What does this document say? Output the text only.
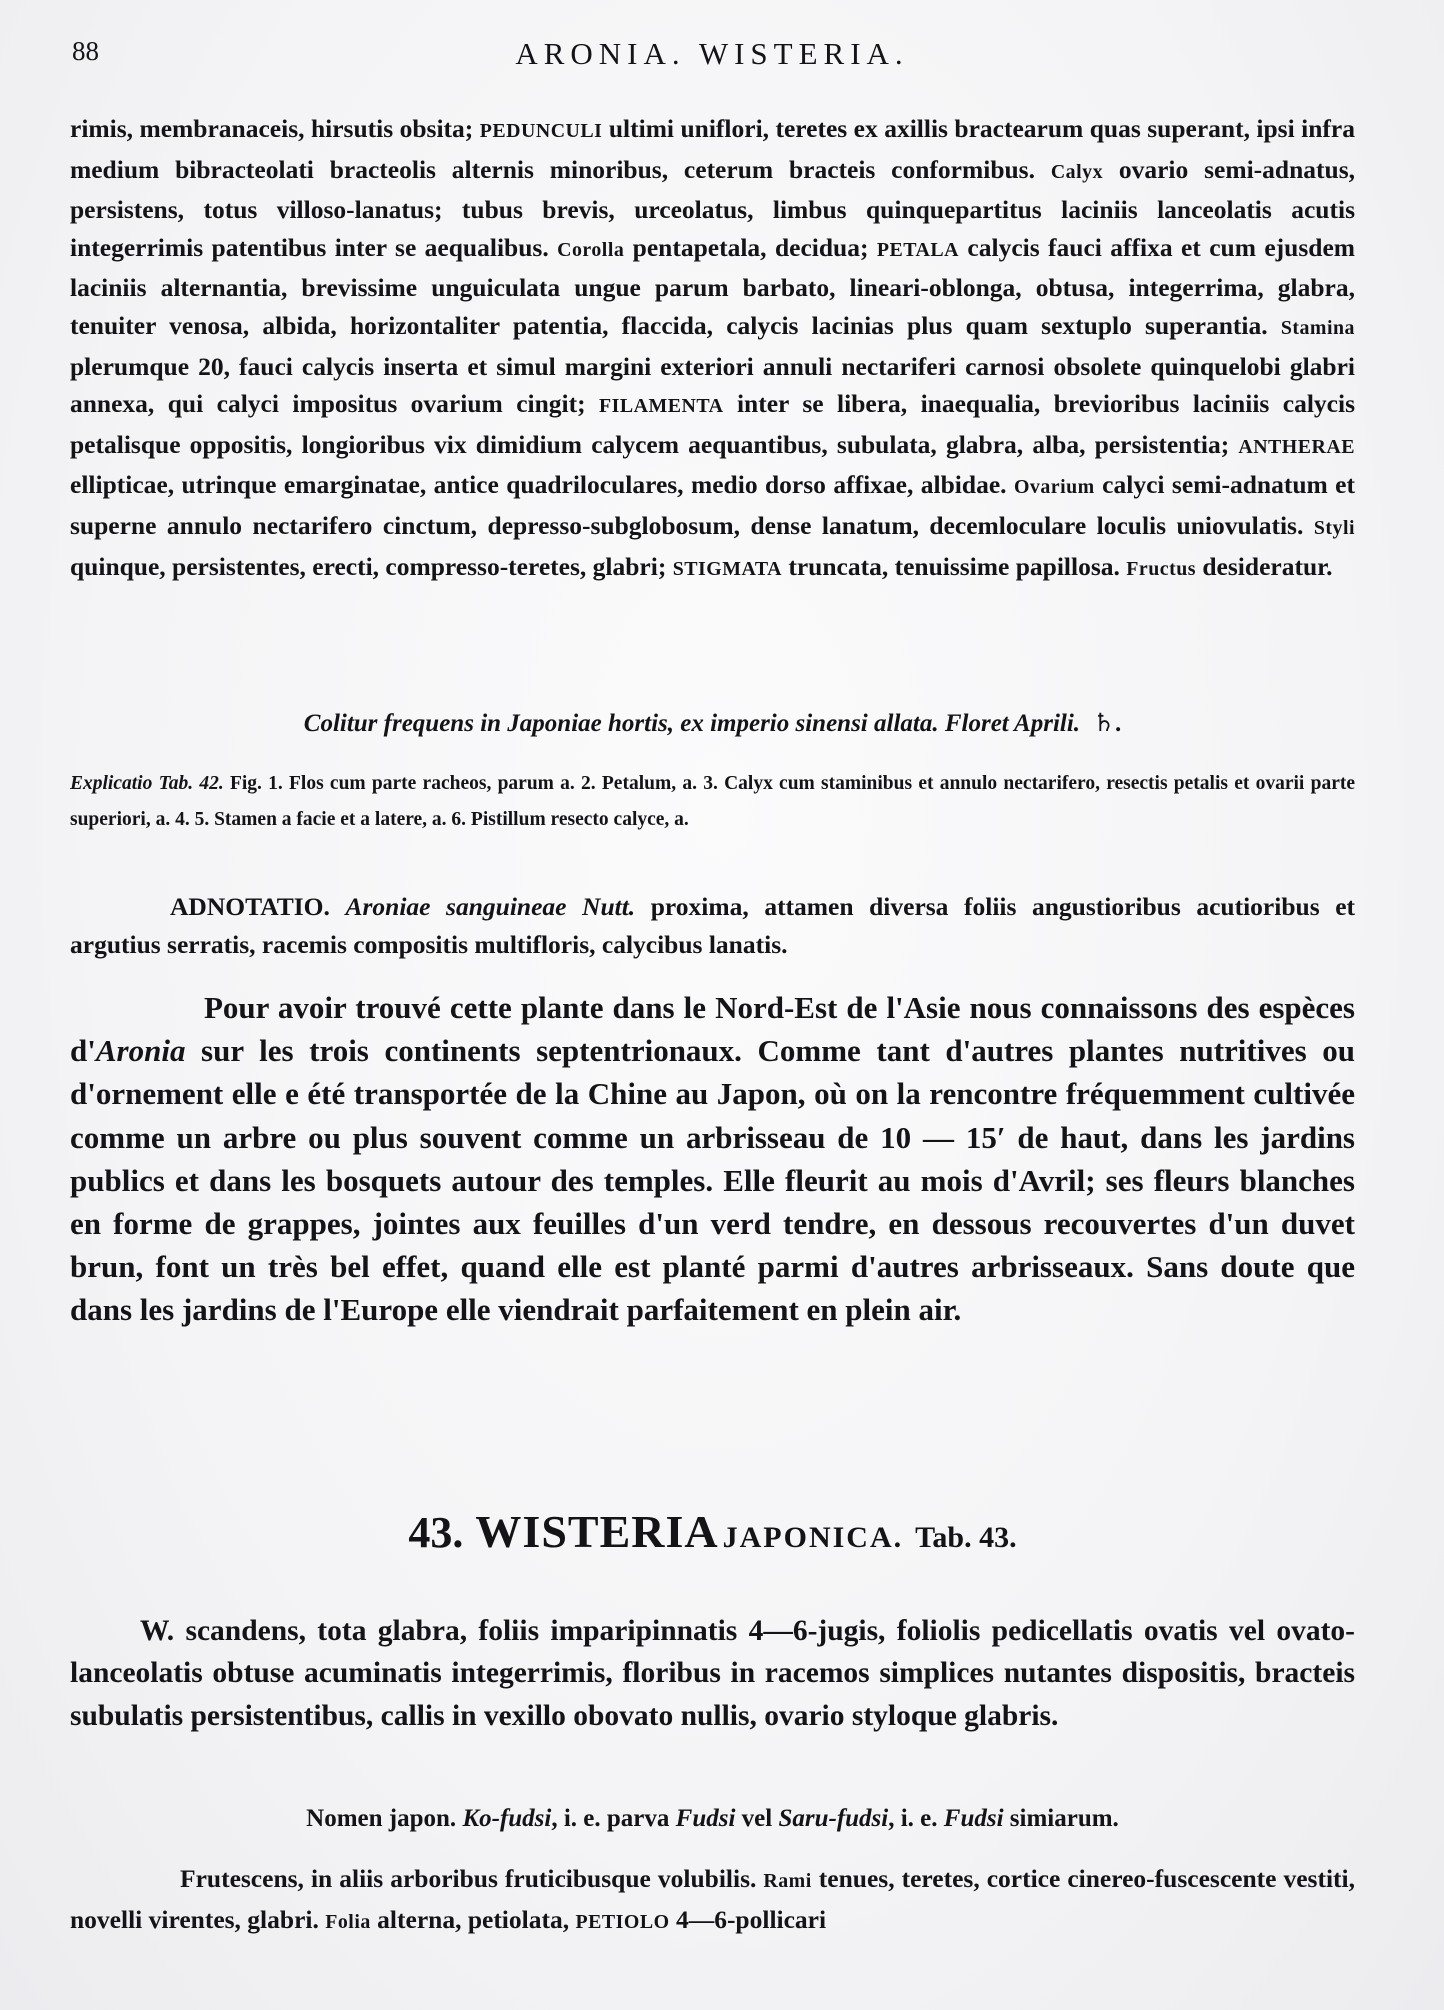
88	ARONIA. WISTERIA.

rimis, membranaceis, hirsutis obsita; PEDUNCULI ultimi uniflori, teretes ex axillis bractearum quas superant, ipsi infra medium bibracteolati bracteolis alternis minoribus, ceterum bracteis conformibus. Calyx ovario semi-adnatus, persistens, totus villoso-lanatus; tubus brevis, urceolatus, limbus quinquepartitus laciniis lanceolatis acutis integerrimis patentibus inter se aequalibus. Corolla pentapetala, decidua; PETALA calycis fauci affixa et cum ejusdem laciniis alternantia, brevissime unguiculata ungue parum barbato, lineari-oblonga, obtusa, integerrima, glabra, tenuiter venosa, albida, horizontaliter patentia, flaccida, calycis lacinias plus quam sextuplo superantia. Stamina plerumque 20, fauci calycis inserta et simul margini exteriori annuli nectariferi carnosi obsolete quinquelobi glabri annexa, qui calyci impositus ovarium cingit; FILAMENTA inter se libera, inaequalia, brevioribus laciniis calycis petalisque oppositis, longioribus vix dimidium calycem aequantibus, subulata, glabra, alba, persistentia; ANTHERAE ellipticae, utrinque emarginatae, antice quadriloculares, medio dorso affixae, albidae. Ovarium calyci semi-adnatum et superne annulo nectarifero cinctum, depresso-subglobosum, dense lanatum, decemloculare loculis uniovulatis. Styli quinque, persistentes, erecti, compresso-teretes, glabri; STIGMATA truncata, tenuissime papillosa. Fructus desideratur.

Colitur frequens in Japoniae hortis, ex imperio sinensi allata. Floret Aprili. ♄.

Explicatio Tab. 42. Fig. 1. Flos cum parte racheos, parum a. 2. Petalum, a. 3. Calyx cum staminibus et annulo nectarifero, resectis petalis et ovarii parte superiori, a. 4. 5. Stamen a facie et a latere, a. 6. Pistillum resecto calyce, a.

ADNOTATIO. Aroniae sanguineae Nutt. proxima, attamen diversa foliis angustioribus acutioribus et argutius serratis, racemis compositis multifloris, calycibus lanatis.

Pour avoir trouvé cette plante dans le Nord-Est de l'Asie nous connaissons des espèces d'Aronia sur les trois continents septentrionaux. Comme tant d'autres plantes nutritives ou d'ornement elle e été transportée de la Chine au Japon, où on la rencontre fréquemment cultivée comme un arbre ou plus souvent comme un arbrisseau de 10 — 15′ de haut, dans les jardins publics et dans les bosquets autour des temples. Elle fleurit au mois d'Avril; ses fleurs blanches en forme de grappes, jointes aux feuilles d'un verd tendre, en dessous recouvertes d'un duvet brun, font un très bel effet, quand elle est planté parmi d'autres arbrisseaux. Sans doute que dans les jardins de l'Europe elle viendrait parfaitement en plein air.

43. WISTERIA JAPONICA. Tab. 43.

W. scandens, tota glabra, foliis imparipinnatis 4—6-jugis, foliolis pedicellatis ovatis vel ovato-lanceolatis obtuse acuminatis integerrimis, floribus in racemos simplices nutantes dispositis, bracteis subulatis persistentibus, callis in vexillo obovato nullis, ovario styloque glabris.

Nomen japon. Ko-fudsi, i. e. parva Fudsi vel Saru-fudsi, i. e. Fudsi simiarum.

Frutescens, in aliis arboribus fruticibusque volubilis. Rami tenues, teretes, cortice cinereo-fuscescente vestiti, novelli virentes, glabri. Folia alterna, petiolata, PETIOLO 4—6-pollicari
